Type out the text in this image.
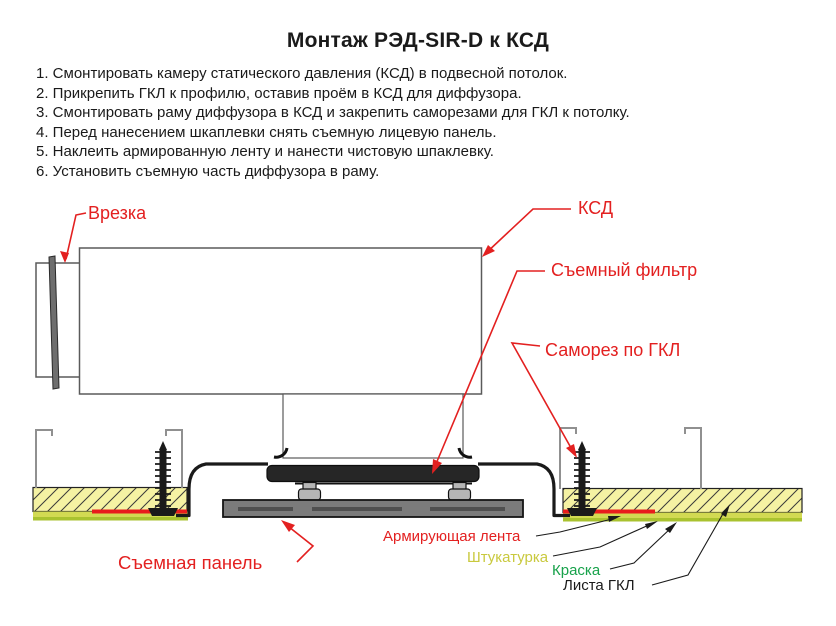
Монтаж РЭД-SIR-D к КСД
1. Смонтировать камеру статического давления (КСД) в подвесной потолок.
2. Прикрепить ГКЛ к профилю, оставив проём в КСД для диффузора.
3. Смонтировать раму диффузора в КСД и закрепить саморезами для ГКЛ к потолку.
4. Перед нанесением шкаплевки снять съемную лицевую панель.
5. Наклеить армированную ленту и нанести чистовую шпаклевку.
6. Установить съемную часть диффузора в раму.
Врезка	КСД
Съемный фильтр
Саморез по ГКЛ
Съемная панель
Армирующая лента
Штукатурка
Краска
Листа ГКЛ
